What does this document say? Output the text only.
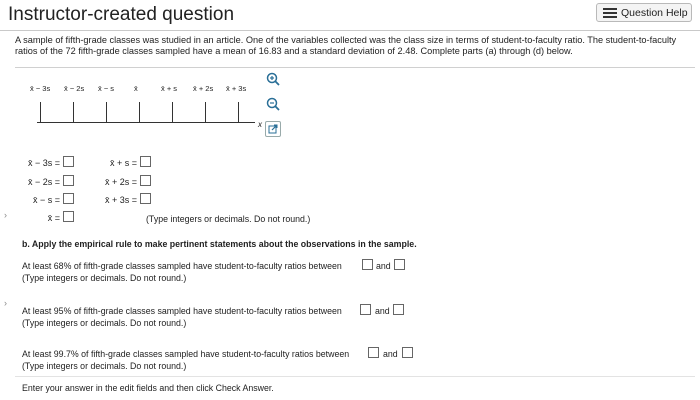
Instructor-created question	Question Help
A sample of fifth-grade classes was studied in an article. One of the variables collected was the class size in terms of student-to-faculty ratio. The student-to-faculty ratios of the 72 fifth-grade classes sampled have a mean of 16.83 and a standard deviation of 2.48. Complete parts (a) through (d) below.
x̄ − 3s x̄ − 2s x̄ − s	x̄	x̄ + s x̄ + 2s x̄ + 3s
x
x̄ − 3s =
x̄ − 2s =
x̄ − s =
x̄ =
x̄ + s =
x̄ + 2s =
x̄ + 3s =
(Type integers or decimals. Do not round.)
›
b. Apply the empirical rule to make pertinent statements about the observations in the sample.
At least 68% of fifth-grade classes sampled have student-to-faculty ratios between	and
(Type integers or decimals. Do not round.)
›
At least 95% of fifth-grade classes sampled have student-to-faculty ratios between	and
(Type integers or decimals. Do not round.)
At least 99.7% of fifth-grade classes sampled have student-to-faculty ratios between	and
(Type integers or decimals. Do not round.)
Enter your answer in the edit fields and then click Check Answer.
